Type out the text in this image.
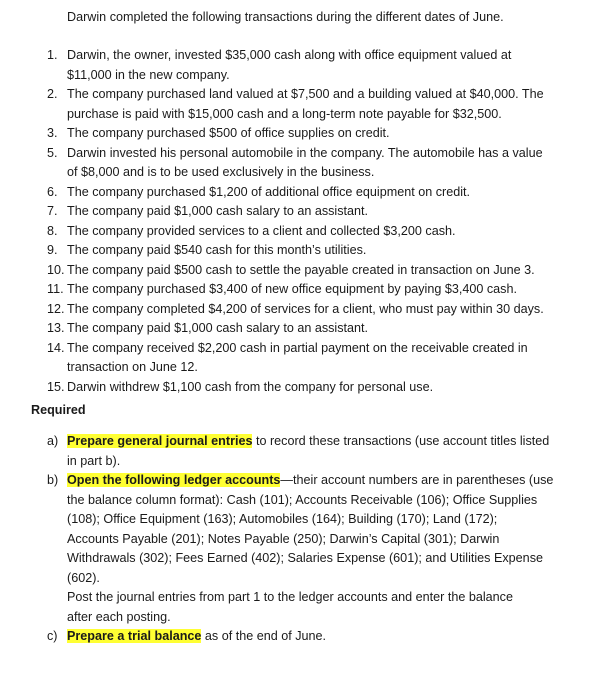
Darwin completed the following transactions during the different dates of June.
1. Darwin, the owner, invested $35,000 cash along with office equipment valued at
$11,000 in the new company.
2. The company purchased land valued at $7,500 and a building valued at $40,000. The
purchase is paid with $15,000 cash and a long-term note payable for $32,500.
3. The company purchased $500 of office supplies on credit.
5. Darwin invested his personal automobile in the company. The automobile has a value
of $8,000 and is to be used exclusively in the business.
6. The company purchased $1,200 of additional office equipment on credit.
7. The company paid $1,000 cash salary to an assistant.
8. The company provided services to a client and collected $3,200 cash.
9. The company paid $540 cash for this month’s utilities.
10. The company paid $500 cash to settle the payable created in transaction on June 3.
11. The company purchased $3,400 of new office equipment by paying $3,400 cash.
12. The company completed $4,200 of services for a client, who must pay within 30 days.
13. The company paid $1,000 cash salary to an assistant.
14. The company received $2,200 cash in partial payment on the receivable created in
transaction on June 12.
15. Darwin withdrew $1,100 cash from the company for personal use.
Required
a) Prepare general journal entries to record these transactions (use account titles listed
in part b).
b) Open the following ledger accounts—their account numbers are in parentheses (use
the balance column format): Cash (101); Accounts Receivable (106); Office Supplies
(108); Office Equipment (163); Automobiles (164); Building (170); Land (172);
Accounts Payable (201); Notes Payable (250); Darwin’s Capital (301); Darwin
Withdrawals (302); Fees Earned (402); Salaries Expense (601); and Utilities Expense
(602).
Post the journal entries from part 1 to the ledger accounts and enter the balance
after each posting.
c) Prepare a trial balance as of the end of June.
